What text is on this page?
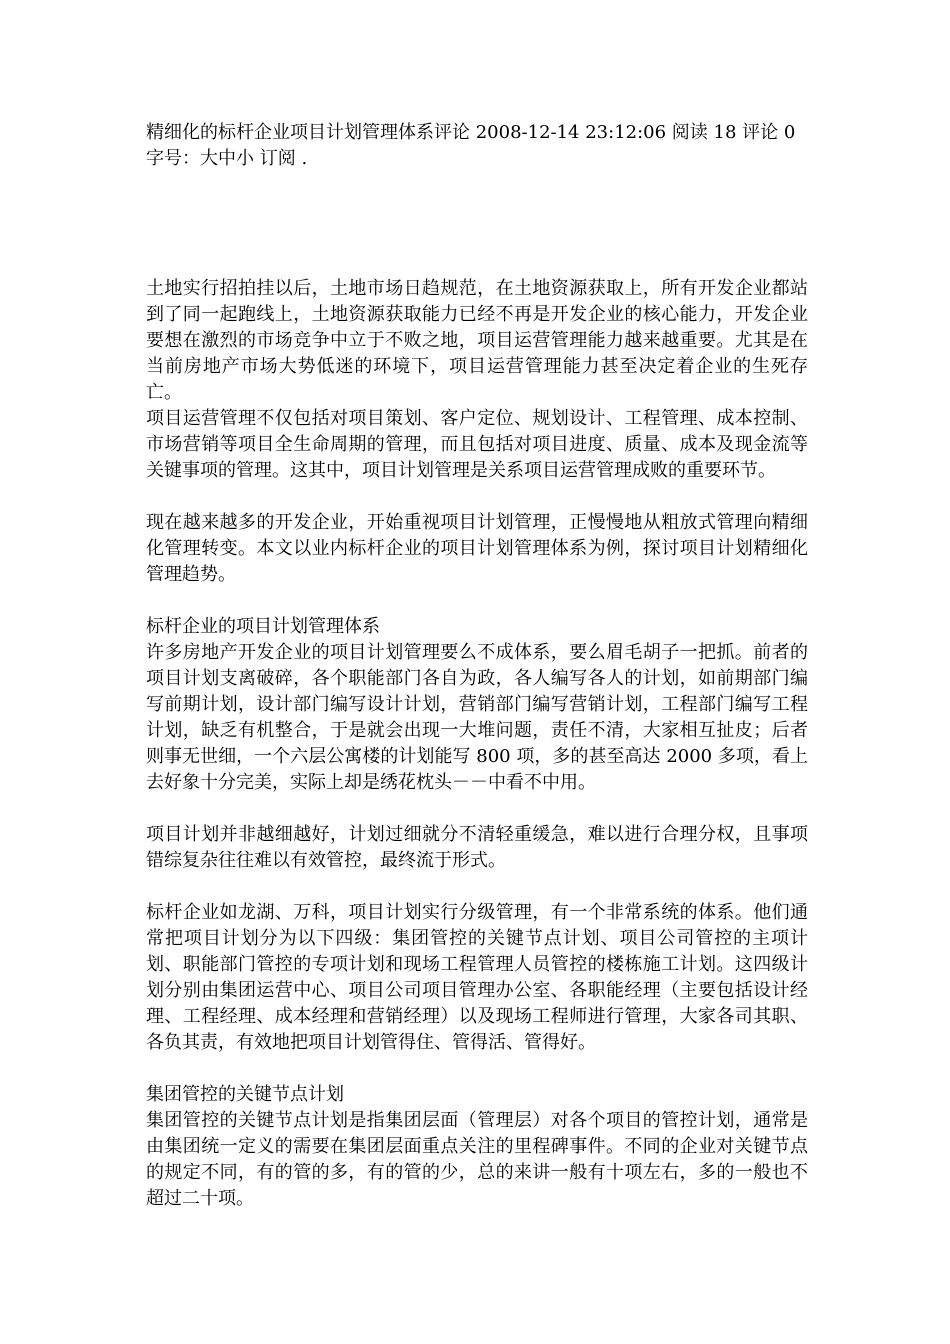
精细化的标杆企业项目计划管理体系评论 2008-12-14 23:12:06 阅读 18 评论 0 字号：大中小 订阅 .

土地实行招拍挂以后，土地市场日趋规范，在土地资源获取上，所有开发企业都站到了同一起跑线上，土地资源获取能力已经不再是开发企业的核心能力，开发企业要想在激烈的市场竞争中立于不败之地，项目运营管理能力越来越重要。尤其是在当前房地产市场大势低迷的环境下，项目运营管理能力甚至决定着企业的生死存亡。

项目运营管理不仅包括对项目策划、客户定位、规划设计、工程管理、成本控制、市场营销等项目全生命周期的管理，而且包括对项目进度、质量、成本及现金流等关键事项的管理。这其中，项目计划管理是关系项目运营管理成败的重要环节。

现在越来越多的开发企业，开始重视项目计划管理，正慢慢地从粗放式管理向精细化管理转变。本文以业内标杆企业的项目计划管理体系为例，探讨项目计划精细化管理趋势。

标杆企业的项目计划管理体系

许多房地产开发企业的项目计划管理要么不成体系，要么眉毛胡子一把抓。前者的项目计划支离破碎，各个职能部门各自为政，各人编写各人的计划，如前期部门编写前期计划，设计部门编写设计计划，营销部门编写营销计划，工程部门编写工程计划，缺乏有机整合，于是就会出现一大堆问题，责任不清，大家相互扯皮；后者则事无世细，一个六层公寓楼的计划能写 800 项，多的甚至高达 2000 多项，看上去好象十分完美，实际上却是绣花枕头－－中看不中用。

项目计划并非越细越好，计划过细就分不清轻重缓急，难以进行合理分权，且事项错综复杂往往难以有效管控，最终流于形式。

标杆企业如龙湖、万科，项目计划实行分级管理，有一个非常系统的体系。他们通常把项目计划分为以下四级：集团管控的关键节点计划、项目公司管控的主项计划、职能部门管控的专项计划和现场工程管理人员管控的楼栋施工计划。这四级计划分别由集团运营中心、项目公司项目管理办公室、各职能经理（主要包括设计经理、工程经理、成本经理和营销经理）以及现场工程师进行管理，大家各司其职、各负其责，有效地把项目计划管得住、管得活、管得好。

集团管控的关键节点计划

集团管控的关键节点计划是指集团层面（管理层）对各个项目的管控计划，通常是由集团统一定义的需要在集团层面重点关注的里程碑事件。不同的企业对关键节点的规定不同，有的管的多，有的管的少，总的来讲一般有十项左右，多的一般也不超过二十项。
